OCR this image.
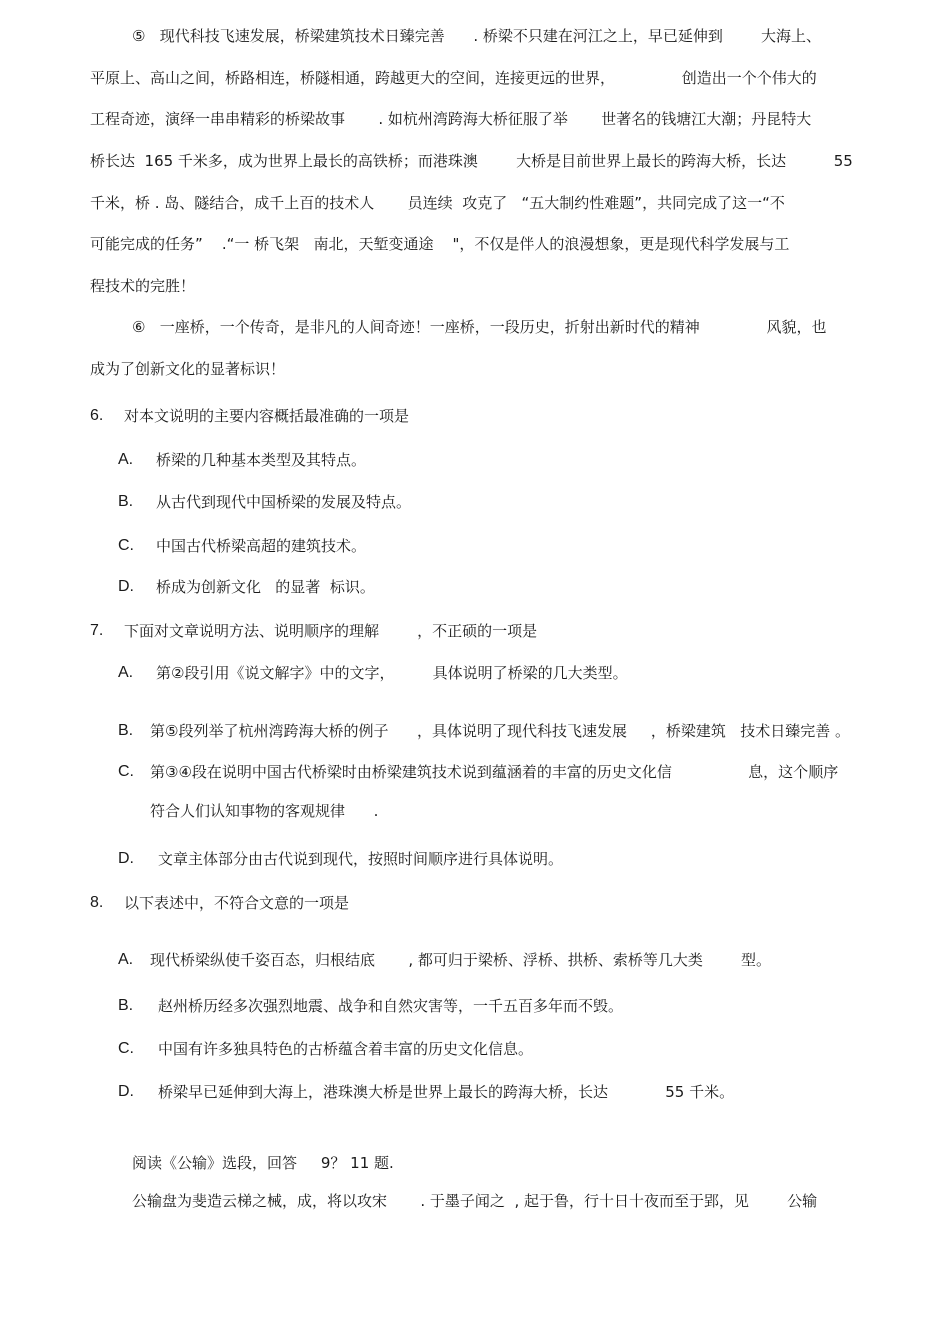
⑤   现代科技飞速发展，桥梁建筑技术日臻完善      . 桥梁不只建在河江之上，早已延伸到        大海上、
平原上、高山之间，桥路相连，桥隧相通，跨越更大的空间，连接更远的世界，              创造出一个个伟大的
工程奇迹，演绎一串串精彩的桥梁故事       . 如杭州湾跨海大桥征服了举       世著名的钱塘江大潮；丹昆特大
桥长达  165 千米多，成为世界上最长的高铁桥；而港珠澳        大桥是目前世界上最长的跨海大桥，长达          55
千米，桥 . 岛、隧结合，成千上百的技术人       员连续  攻克了   “五大制约性难题”，共同完成了这一“不
可能完成的任务”    .“一 桥飞架   南北，天堑变通途    "，不仅是伴人的浪漫想象，更是现代科学发展与工
程技术的完胜！
⑥   一座桥，一个传奇，是非凡的人间奇迹！一座桥，一段历史，折射出新时代的精神              风貌，也
成为了创新文化的显著标识！
6. 对本文说明的主要内容概括最准确的一项是
A. 桥梁的几种基本类型及其特点。
B. 从古代到现代中国桥梁的发展及特点。
C. 中国古代桥梁高超的建筑技术。
D. 桥成为创新文化   的显著  标识。
7. 下面对文章说明方法、说明顺序的理解        ，不正硕的一项是
A. 第②段引用《说文解字》中的文字，        具体说明了桥梁的几大类型。
B. 第⑤段列举了杭州湾跨海大桥的例子      ，具体说明了现代科技飞速发展     ，桥梁建筑   技术日臻完善 。
C. 第③④段在说明中国古代桥梁时由桥梁建筑技术说到蕴涵着的丰富的历史文化信                息，这个顺序
符合人们认知事物的客观规律      .
D. 文章主体部分由古代说到现代，按照时间顺序进行具体说明。
8. 以下表述中，不符合文意的一项是
A. 现代桥梁纵使千姿百态，归根结底       , 都可归于梁桥、浮桥、拱桥、索桥等几大类        型。
B. 赵州桥历经多次强烈地震、战争和自然灾害等，一千五百多年而不毁。
C. 中国有许多独具特色的古桥蕴含着丰富的历史文化信息。
D. 桥梁早已延伸到大海上，港珠澳大桥是世界上最长的跨海大桥，长达            55 千米。
阅读《公输》选段，回答     9？ 11 题.
公输盘为斐造云梯之械，成，将以攻宋       . 于墨子闻之  , 起于鲁，行十日十夜而至于郢，见        公输
